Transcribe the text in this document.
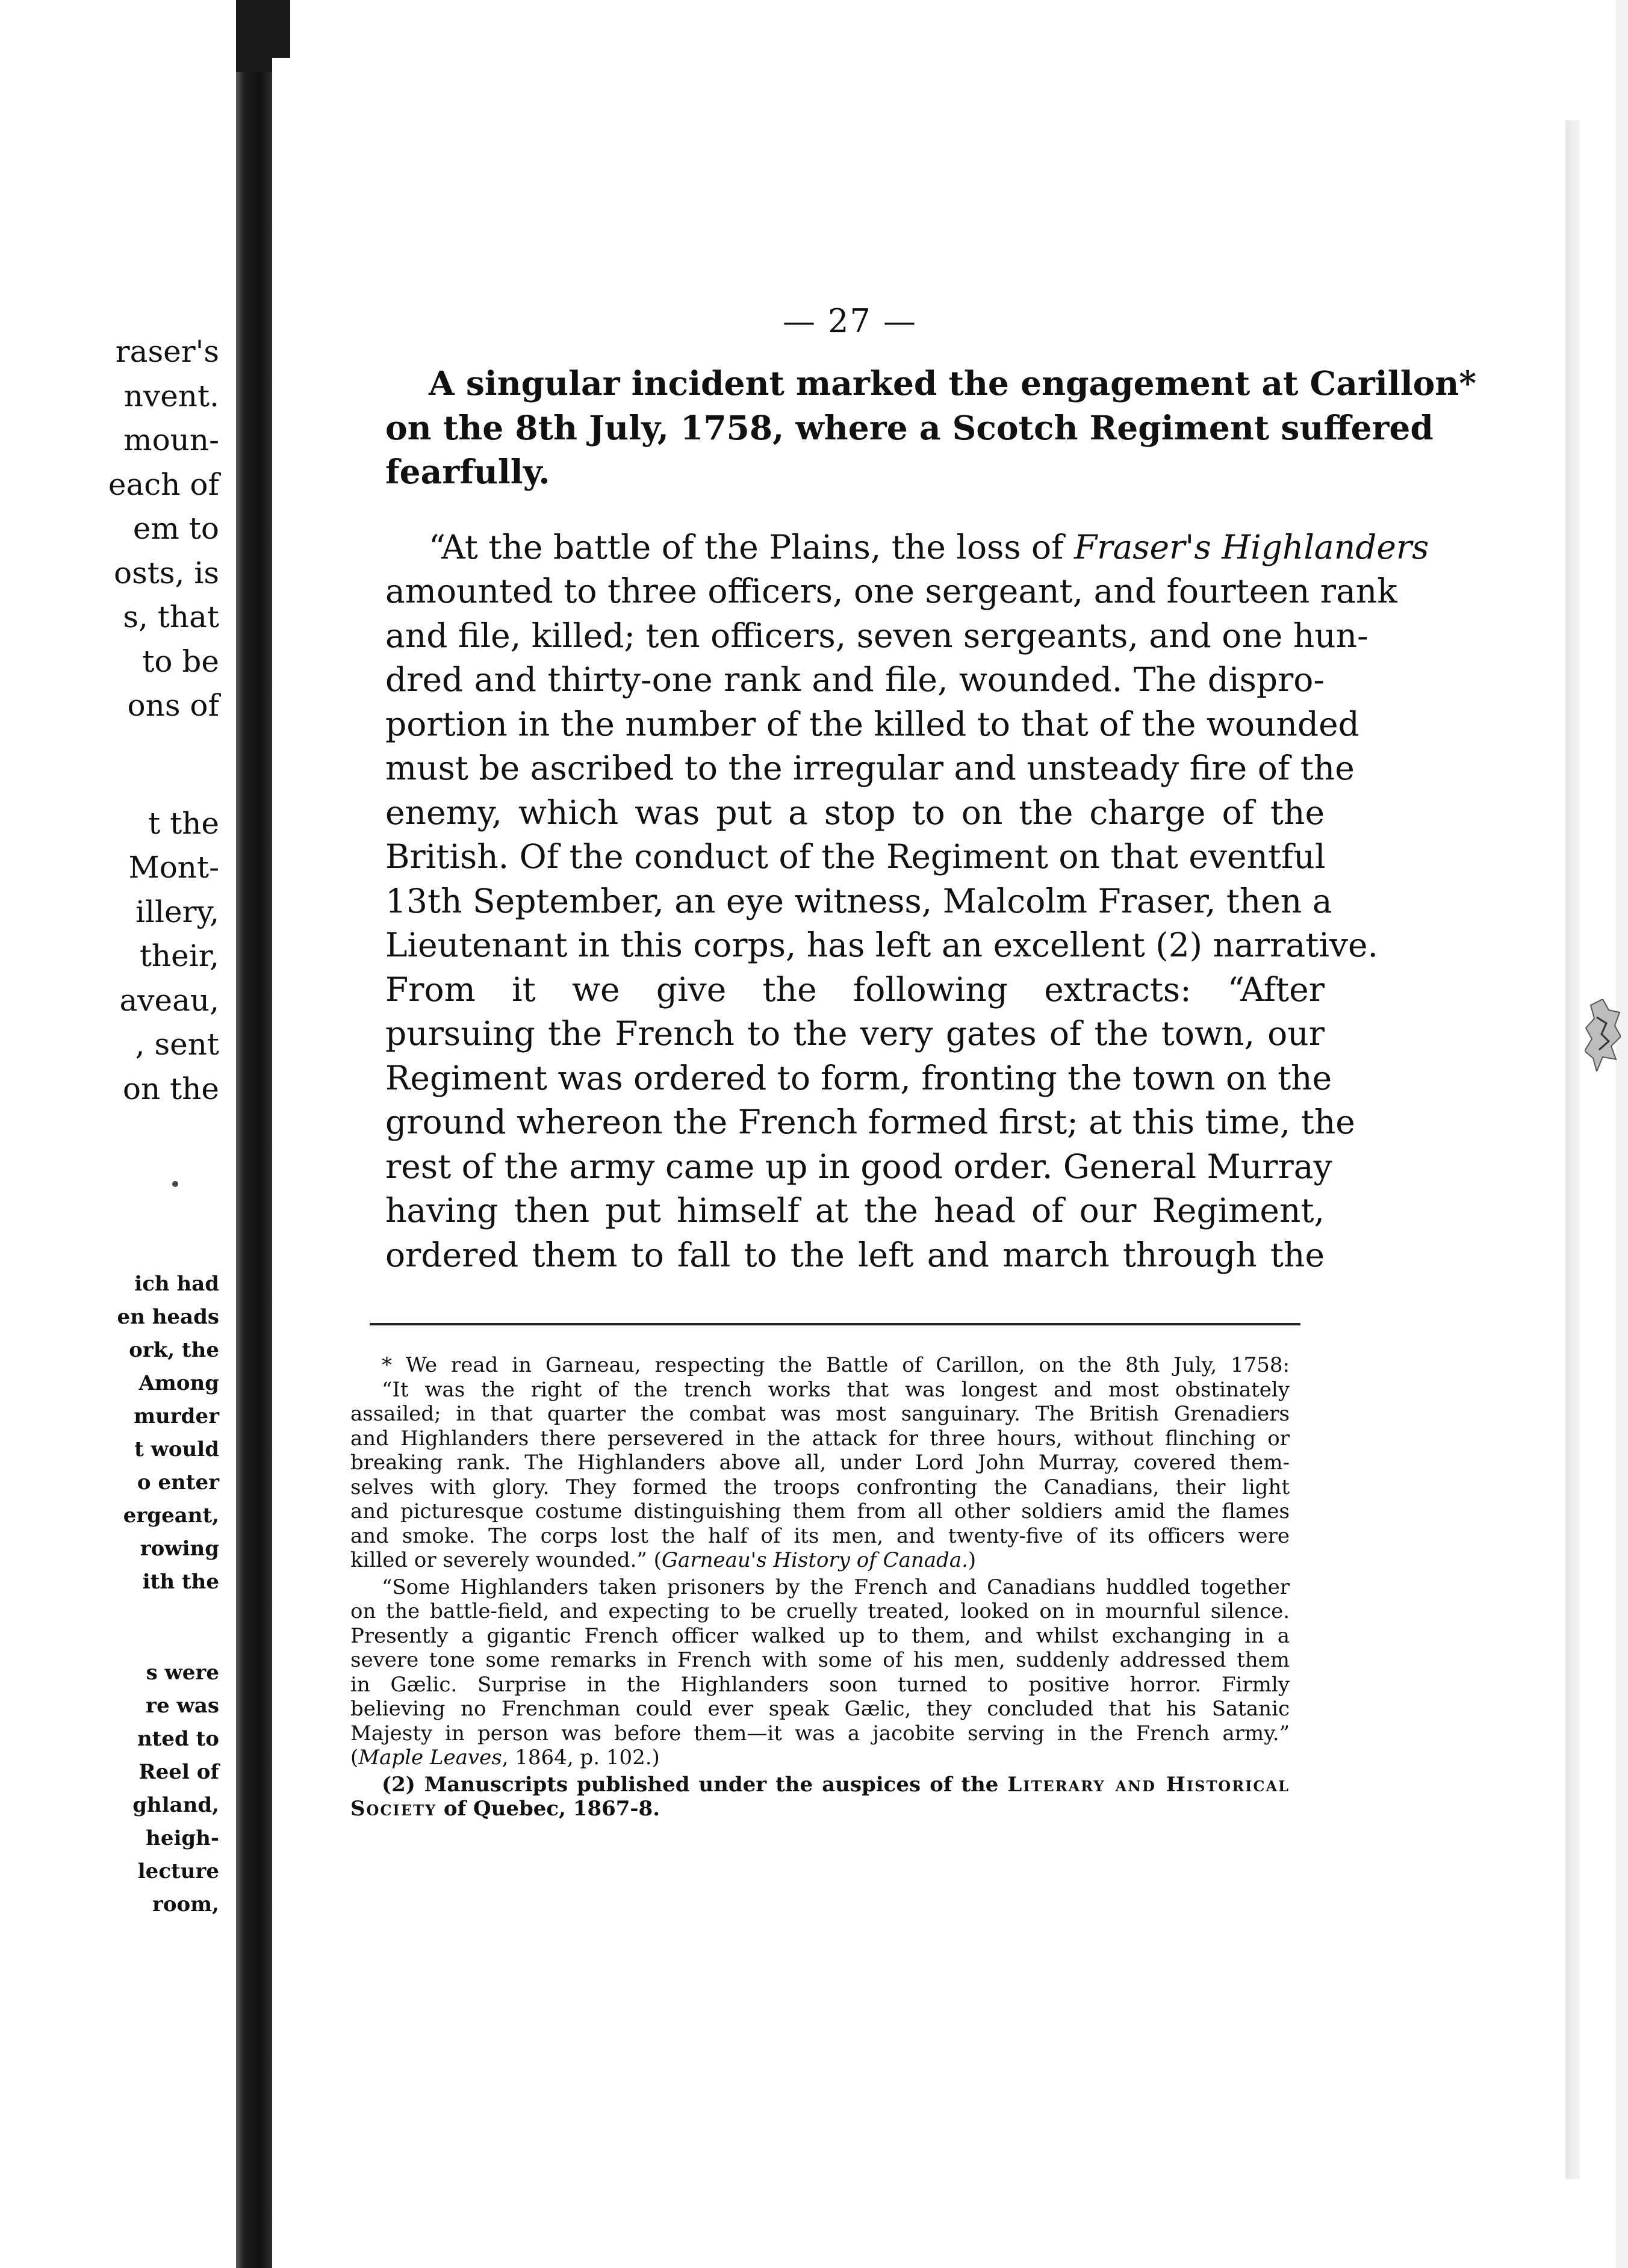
raser's
nvent.
moun-
each of
em to
osts, is
s, that
to be
ons of
t the
Mont-
illery,
their,
aveau,
, sent
on the
ich had
en heads
ork, the
Among
murder
t would
o enter
ergeant,
rowing
ith the
s were
re was
nted to
Reel of
ghland,
heigh-
lecture
room,
— 27 —

A singular incident marked the engagement at Carillon*
on the 8th July, 1758, where a Scotch Regiment suffered
fearfully.

“At the battle of the Plains, the loss of Fraser's Highlanders
amounted to three officers, one sergeant, and fourteen rank
and file, killed; ten officers, seven sergeants, and one hun-
dred and thirty-one rank and file, wounded. The dispro-
portion in the number of the killed to that of the wounded
must be ascribed to the irregular and unsteady fire of the
enemy, which was put a stop to on the charge of the
British. Of the conduct of the Regiment on that eventful
13th September, an eye witness, Malcolm Fraser, then a
Lieutenant in this corps, has left an excellent (2) narrative.
From it we give the following extracts: “After
pursuing the French to the very gates of the town, our
Regiment was ordered to form, fronting the town on the
ground whereon the French formed first; at this time, the
rest of the army came up in good order. General Murray
having then put himself at the head of our Regiment,
ordered them to fall to the left and march through the

* We read in Garneau, respecting the Battle of Carillon, on the 8th July, 1758:
“It was the right of the trench works that was longest and most obstinately
assailed; in that quarter the combat was most sanguinary. The British Grenadiers
and Highlanders there persevered in the attack for three hours, without flinching or
breaking rank. The Highlanders above all, under Lord John Murray, covered them-
selves with glory. They formed the troops confronting the Canadians, their light
and picturesque costume distinguishing them from all other soldiers amid the flames
and smoke. The corps lost the half of its men, and twenty-five of its officers were
killed or severely wounded.” (Garneau's History of Canada.)

“Some Highlanders taken prisoners by the French and Canadians huddled together
on the battle-field, and expecting to be cruelly treated, looked on in mournful silence.
Presently a gigantic French officer walked up to them, and whilst exchanging in a
severe tone some remarks in French with some of his men, suddenly addressed them
in Gælic. Surprise in the Highlanders soon turned to positive horror. Firmly
believing no Frenchman could ever speak Gælic, they concluded that his Satanic
Majesty in person was before them—it was a jacobite serving in the French army.”
(Maple Leaves, 1864, p. 102.)

(2) Manuscripts published under the auspices of the Literary and Historical
Society of Quebec, 1867-8.
